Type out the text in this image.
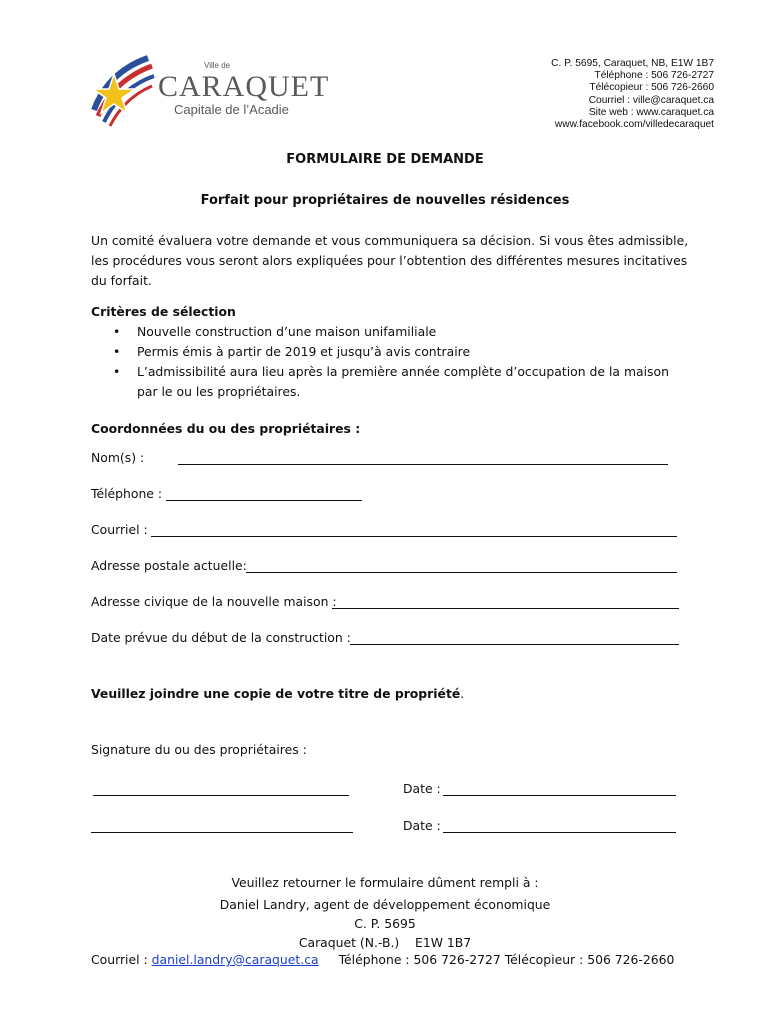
Ville de
CARAQUET
Capitale de l’Acadie
C. P. 5695, Caraquet, NB, E1W 1B7
Téléphone : 506 726-2727
Télécopieur : 506 726-2660
Courriel : ville@caraquet.ca
Site web : www.caraquet.ca
www.facebook.com/villedecaraquet
FORMULAIRE DE DEMANDE
Forfait pour propriétaires de nouvelles résidences
Un comité évaluera votre demande et vous communiquera sa décision. Si vous êtes admissible,
les procédures vous seront alors expliquées pour l’obtention des différentes mesures incitatives
du forfait.
Critères de sélection
• Nouvelle construction d’une maison unifamiliale
• Permis émis à partir de 2019 et jusqu’à avis contraire
• L’admissibilité aura lieu après la première année complète d’occupation de la maison par le ou les propriétaires.
Coordonnées du ou des propriétaires :
Nom(s) :
Téléphone :
Courriel :
Adresse postale actuelle:
Adresse civique de la nouvelle maison :
Date prévue du début de la construction :
Veuillez joindre une copie de votre titre de propriété.
Signature du ou des propriétaires :
Date :
Date :
Veuillez retourner le formulaire dûment rempli à :
Daniel Landry, agent de développement économique
C. P. 5695
Caraquet (N.-B.)    E1W 1B7
Courriel : daniel.landry@caraquet.ca Téléphone : 506 726-2727 Télécopieur : 506 726-2660
